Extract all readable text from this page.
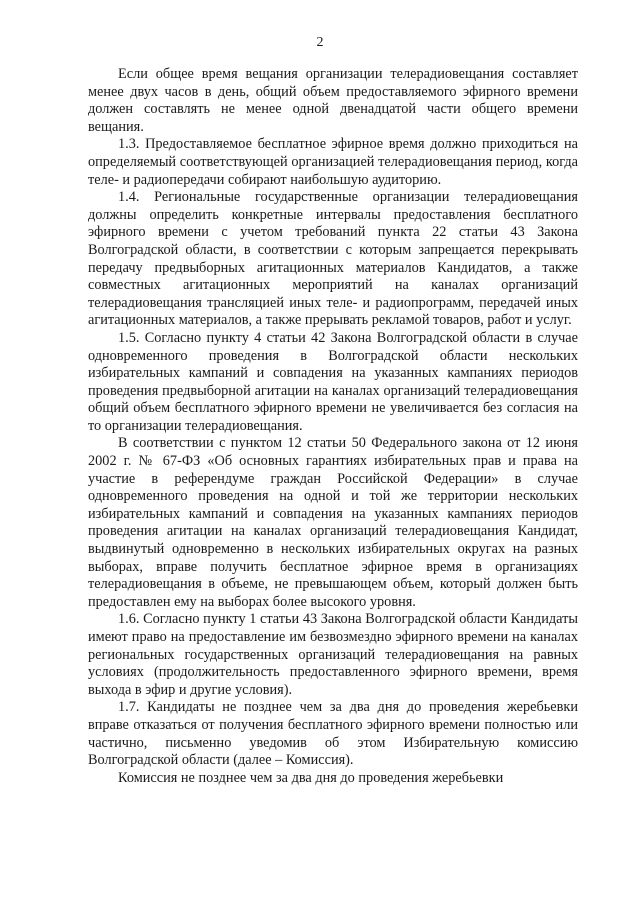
2

Если общее время вещания организации телерадиовещания составляет менее двух часов в день, общий объем предоставляемого эфирного времени должен составлять не менее одной двенадцатой части общего времени вещания.

1.3. Предоставляемое бесплатное эфирное время должно приходиться на определяемый соответствующей организацией телерадиовещания период, когда теле- и радиопередачи собирают наибольшую аудиторию.

1.4. Региональные государственные организации телерадиовещания должны определить конкретные интервалы предоставления бесплатного эфирного времени с учетом требований пункта 22 статьи 43 Закона Волгоградской области, в соответствии с которым запрещается перекрывать передачу предвыборных агитационных материалов Кандидатов, а также совместных агитационных мероприятий на каналах организаций телерадиовещания трансляцией иных теле- и радиопрограмм, передачей иных агитационных материалов, а также прерывать рекламой товаров, работ и услуг.

1.5. Согласно пункту 4 статьи 42 Закона Волгоградской области в случае одновременного проведения в Волгоградской области нескольких избирательных кампаний и совпадения на указанных кампаниях периодов проведения предвыборной агитации на каналах организаций телерадиовещания общий объем бесплатного эфирного времени не увеличивается без согласия на то организации телерадиовещания.

В соответствии с пунктом 12 статьи 50 Федерального закона от 12 июня 2002 г. № 67-ФЗ «Об основных гарантиях избирательных прав и права на участие в референдуме граждан Российской Федерации» в случае одновременного проведения на одной и той же территории нескольких избирательных кампаний и совпадения на указанных кампаниях периодов проведения агитации на каналах организаций телерадиовещания Кандидат, выдвинутый одновременно в нескольких избирательных округах на разных выборах, вправе получить бесплатное эфирное время в организациях телерадиовещания в объеме, не превышающем объем, который должен быть предоставлен ему на выборах более высокого уровня.

1.6. Согласно пункту 1 статьи 43 Закона Волгоградской области Кандидаты имеют право на предоставление им безвозмездно эфирного времени на каналах региональных государственных организаций телерадиовещания на равных условиях (продолжительность предоставленного эфирного времени, время выхода в эфир и другие условия).

1.7. Кандидаты не позднее чем за два дня до проведения жеребьевки вправе отказаться от получения бесплатного эфирного времени полностью или частично, письменно уведомив об этом Избирательную комиссию Волгоградской области (далее – Комиссия).

Комиссия не позднее чем за два дня до проведения жеребьевки
